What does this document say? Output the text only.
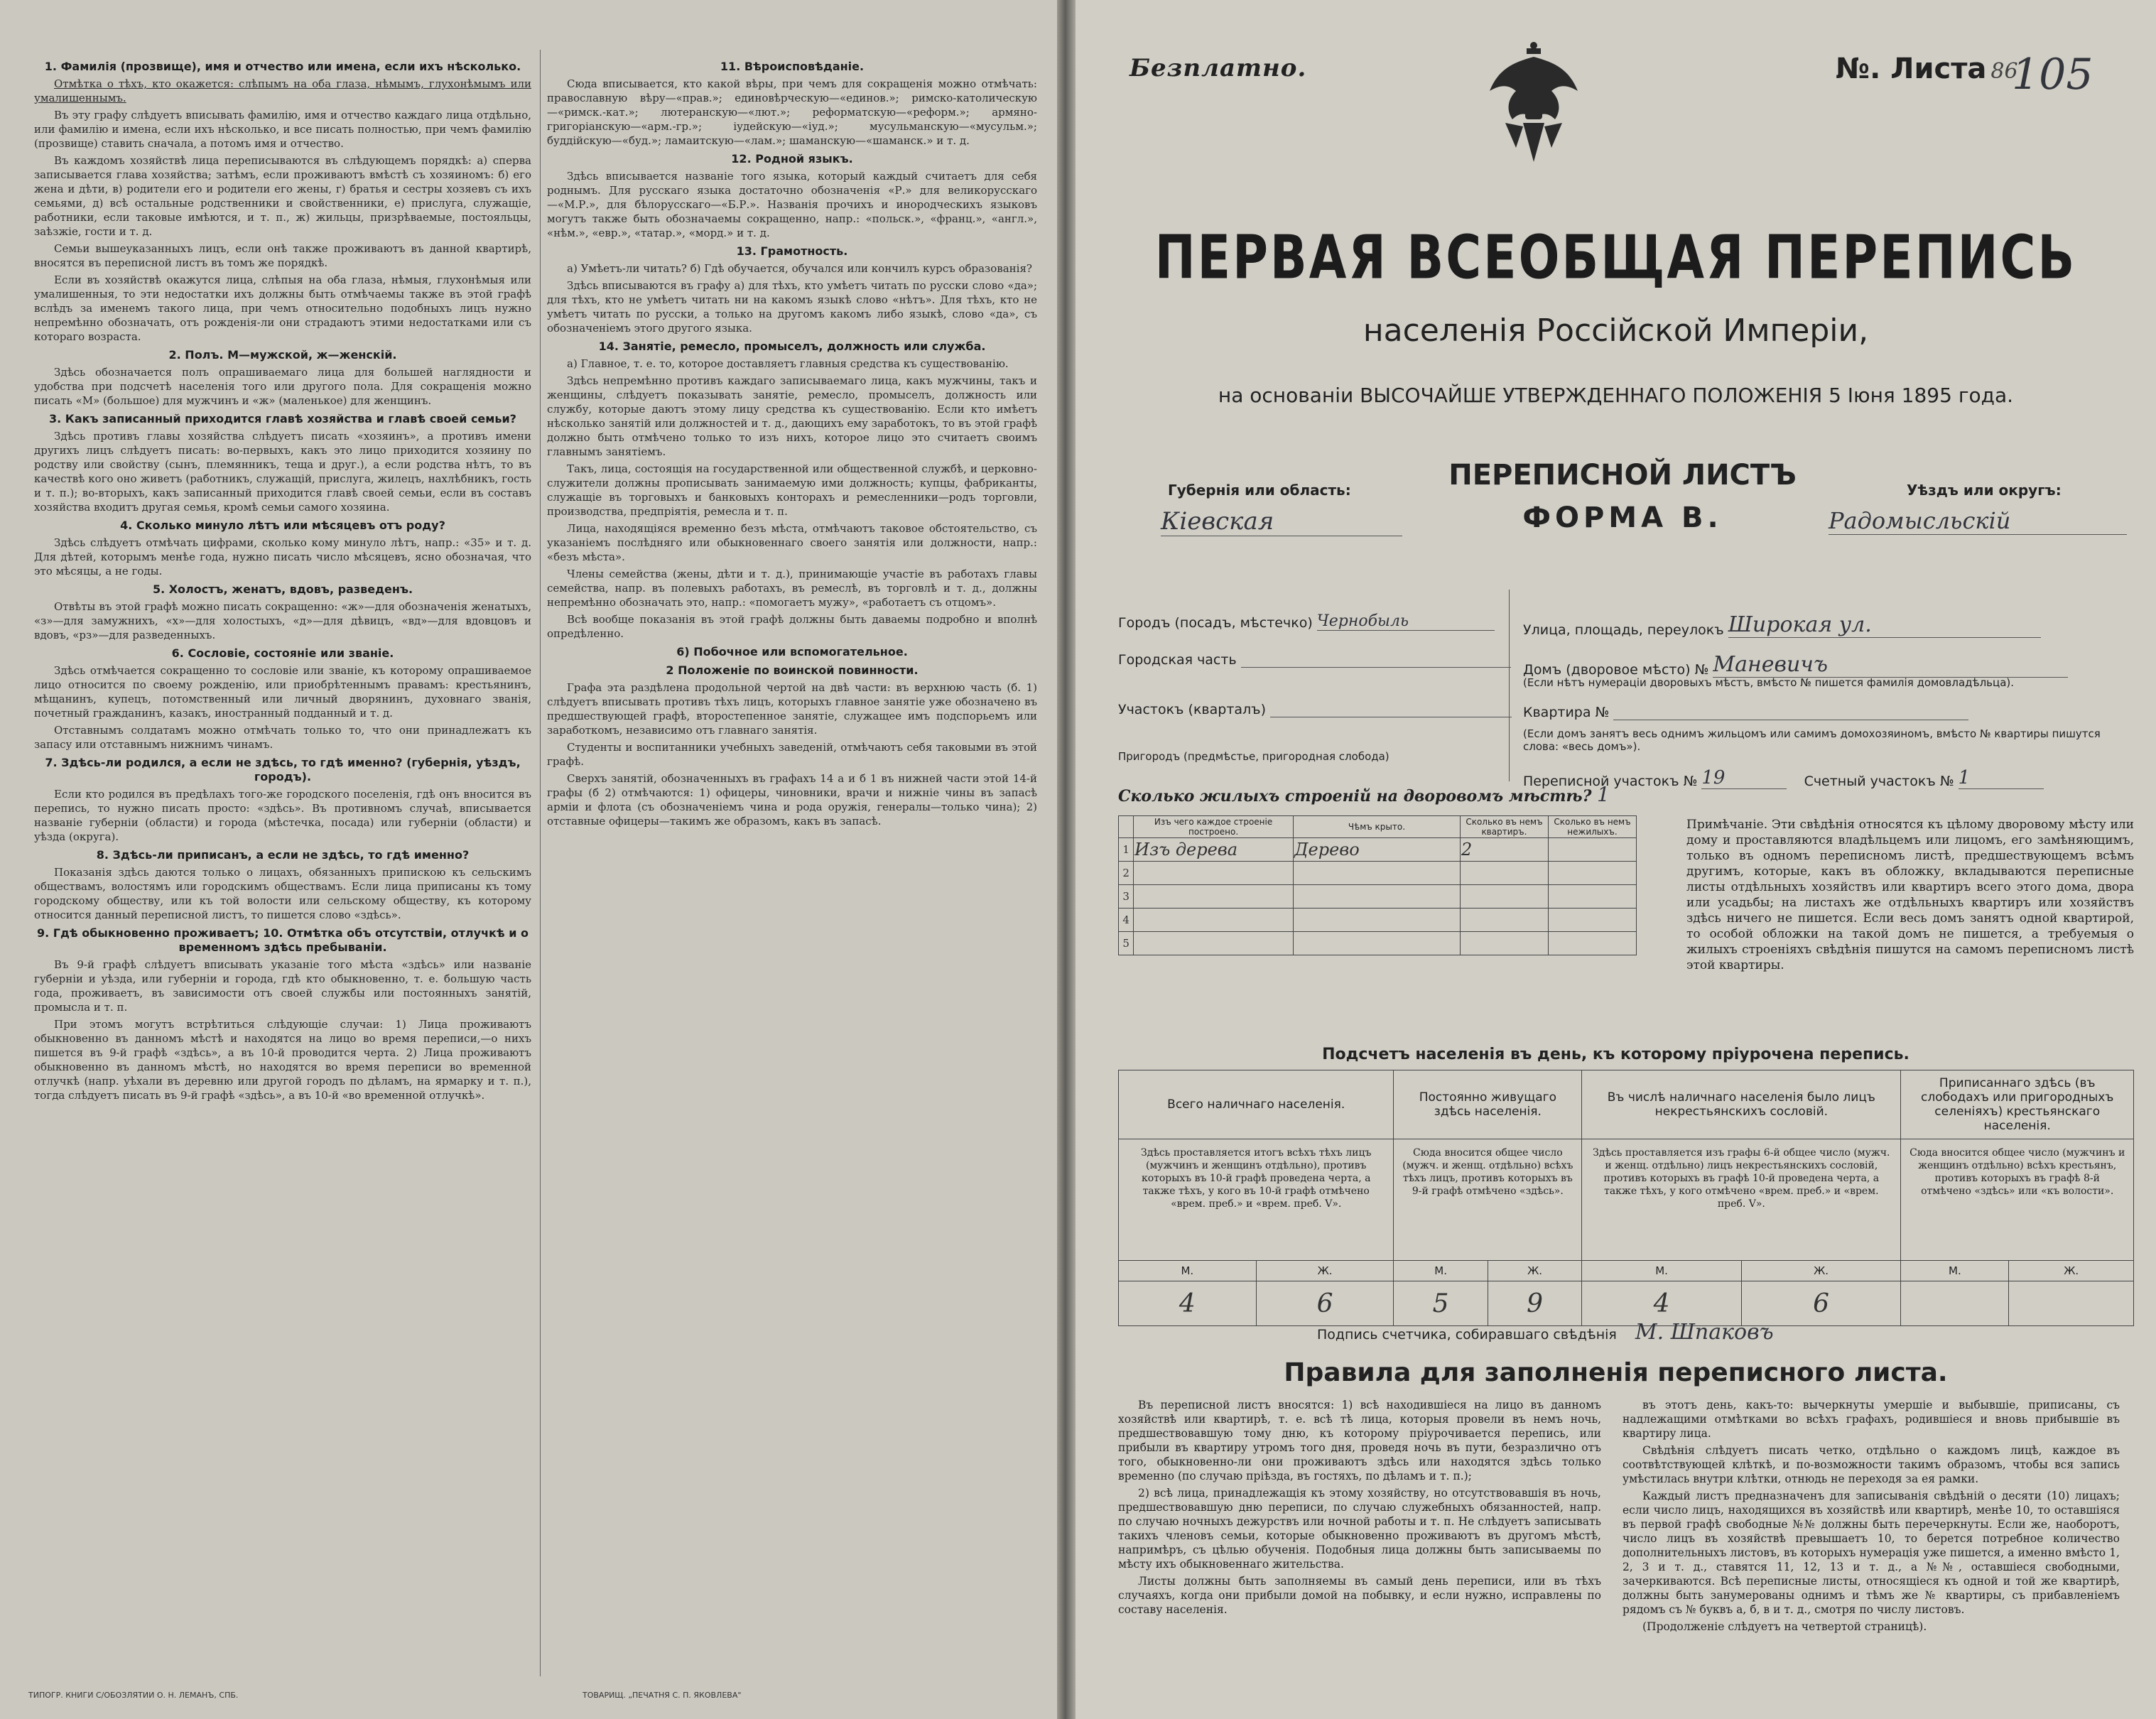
1. Фамилія (прозвище), имя и отчество или имена, если ихъ нѣсколько.

Отмѣтка о тѣхъ, кто окажется: слѣпымъ на оба глаза, нѣмымъ, глухонѣмымъ или умалишеннымъ.

Въ эту графу слѣдуетъ вписывать фамилію, имя и отчество каждаго лица отдѣльно, или фамилію и имена, если ихъ нѣсколько, и все писать полностью, при чемъ фамилію (прозвище) ставить сначала, а потомъ имя и отчество.

Въ каждомъ хозяйствѣ лица переписываются въ слѣдующемъ порядкѣ: а) сперва записывается глава хозяйства; затѣмъ, если проживаютъ вмѣстѣ съ хозяиномъ: б) его жена и дѣти, в) родители его и родители его жены, г) братья и сестры хозяевъ съ ихъ семьями, д) всѣ остальные родственники и свойственники, е) прислуга, служащіе, работники, если таковые имѣются, и т. п., ж) жильцы, призрѣваемые, постояльцы, заѣзжіе, гости и т. д.

Семьи вышеуказанныхъ лицъ, если онѣ также проживаютъ въ данной квартирѣ, вносятся въ переписной листъ въ томъ же порядкѣ.

Если въ хозяйствѣ окажутся лица, слѣпыя на оба глаза, нѣмыя, глухонѣмыя или умалишенныя, то эти недостатки ихъ должны быть отмѣчаемы также въ этой графѣ вслѣдъ за именемъ такого лица, при чемъ относительно подобныхъ лицъ нужно непремѣнно обозначать, отъ рожденія-ли они страдаютъ этими недостатками или съ котораго возраста.

2. Полъ. М—мужской, ж—женскій.

Здѣсь обозначается полъ опрашиваемаго лица для большей наглядности и удобства при подсчетѣ населенія того или другого пола. Для сокращенія можно писать «М» (большое) для мужчинъ и «ж» (маленькое) для женщинъ.

3. Какъ записанный приходится главѣ хозяйства и главѣ своей семьи?

Здѣсь противъ главы хозяйства слѣдуетъ писать «хозяинъ», а противъ имени другихъ лицъ слѣдуетъ писать: во-первыхъ, какъ это лицо приходится хозяину по родству или свойству (сынъ, племянникъ, теща и друг.), а если родства нѣтъ, то въ качествѣ кого оно живетъ (работникъ, служащій, прислуга, жилецъ, нахлѣбникъ, гость и т. п.); во-вторыхъ, какъ записанный приходится главѣ своей семьи, если въ составъ хозяйства входитъ другая семья, кромѣ семьи самого хозяина.

4. Сколько минуло лѣтъ или мѣсяцевъ отъ роду?

Здѣсь слѣдуетъ отмѣчать цифрами, сколько кому минуло лѣтъ, напр.: «35» и т. д. Для дѣтей, которымъ менѣе года, нужно писать число мѣсяцевъ, ясно обозначая, что это мѣсяцы, а не годы.

5. Холостъ, женатъ, вдовъ, разведенъ.

Отвѣты въ этой графѣ можно писать сокращенно: «ж»—для обозначенія женатыхъ, «з»—для замужнихъ, «х»—для холостыхъ, «д»—для дѣвицъ, «вд»—для вдовцовъ и вдовъ, «рз»—для разведенныхъ.

6. Сословіе, состояніе или званіе.

Здѣсь отмѣчается сокращенно то сословіе или званіе, къ которому опрашиваемое лицо относится по своему рожденію, или приобрѣтеннымъ правамъ: крестьянинъ, мѣщанинъ, купецъ, потомственный или личный дворянинъ, духовнаго званія, почетный гражданинъ, казакъ, иностранный подданный и т. д.

Отставнымъ солдатамъ можно отмѣчать только то, что они принадлежатъ къ запасу или отставнымъ нижнимъ чинамъ.

7. Здѣсь-ли родился, а если не здѣсь, то гдѣ именно? (губернія, уѣздъ, городъ).

Если кто родился въ предѣлахъ того-же городского поселенія, гдѣ онъ вносится въ перепись, то нужно писать просто: «здѣсь». Въ противномъ случаѣ, вписывается названіе губерніи (области) и города (мѣстечка, посада) или губерніи (области) и уѣзда (округа).

8. Здѣсь-ли приписанъ, а если не здѣсь, то гдѣ именно?

Показанія здѣсь даются только о лицахъ, обязанныхъ припискою къ сельскимъ обществамъ, волостямъ или городскимъ обществамъ. Если лица приписаны къ тому городскому обществу, или къ той волости или сельскому обществу, къ которому относится данный переписной листъ, то пишется слово «здѣсь».

9. Гдѣ обыкновенно проживаетъ; 10. Отмѣтка объ отсутствіи, отлучкѣ и о временномъ здѣсь пребываніи.

Въ 9-й графѣ слѣдуетъ вписывать указаніе того мѣста «здѣсь» или названіе губерніи и уѣзда, или губерніи и города, гдѣ кто обыкновенно, т. е. большую часть года, проживаетъ, въ зависимости отъ своей службы или постоянныхъ занятій, промысла и т. п.

При этомъ могутъ встрѣтиться слѣдующіе случаи: 1) Лица проживаютъ обыкновенно въ данномъ мѣстѣ и находятся на лицо во время переписи,—о нихъ пишется въ 9-й графѣ «здѣсь», а въ 10-й проводится черта. 2) Лица проживаютъ обыкновенно въ данномъ мѣстѣ, но находятся во время переписи во временной отлучкѣ (напр. уѣхали въ деревню или другой городъ по дѣламъ, на ярмарку и т. п.), тогда слѣдуетъ писать въ 9-й графѣ «здѣсь», а въ 10-й «во временной отлучкѣ».

11. Вѣроисповѣданіе.

Сюда вписывается, кто какой вѣры, при чемъ для сокращенія можно отмѣчать: православную вѣру—«прав.»; единовѣрческую—«единов.»; римско-католическую—«римск.-кат.»; лютеранскую—«лют.»; реформатскую—«реформ.»; армяно-григоріанскую—«арм.-гр.»; іудейскую—«іуд.»; мусульманскую—«мусульм.»; буддійскую—«буд.»; ламаитскую—«лам.»; шаманскую—«шаманск.» и т. д.

12. Родной языкъ.

Здѣсь вписывается названіе того языка, который каждый считаетъ для себя роднымъ. Для русскаго языка достаточно обозначенія «Р.» для великорусскаго—«М.Р.», для бѣлорусскаго—«Б.Р.». Названія прочихъ и инородческихъ языковъ могутъ также быть обозначаемы сокращенно, напр.: «польск.», «франц.», «англ.», «нѣм.», «евр.», «татар.», «морд.» и т. д.

13. Грамотность.

а) Умѣетъ-ли читать? б) Гдѣ обучается, обучался или кончилъ курсъ образованія?

Здѣсь вписываются въ графу а) для тѣхъ, кто умѣетъ читать по русски слово «да»; для тѣхъ, кто не умѣетъ читать ни на какомъ языкѣ слово «нѣтъ». Для тѣхъ, кто не умѣетъ читать по русски, а только на другомъ какомъ либо языкѣ, слово «да», съ обозначеніемъ этого другого языка.

14. Занятіе, ремесло, промыселъ, должность или служба.

а) Главное, т. е. то, которое доставляетъ главныя средства къ существованію.

Здѣсь непремѣнно противъ каждаго записываемаго лица, какъ мужчины, такъ и женщины, слѣдуетъ показывать занятіе, ремесло, промыселъ, должность или службу, которые даютъ этому лицу средства къ существованію. Если кто имѣетъ нѣсколько занятій или должностей и т. д., дающихъ ему заработокъ, то въ этой графѣ должно быть отмѣчено только то изъ нихъ, которое лицо это считаетъ своимъ главнымъ занятіемъ.

Такъ, лица, состоящія на государственной или общественной службѣ, и церковно-служители должны прописывать занимаемую ими должность; купцы, фабриканты, служащіе въ торговыхъ и банковыхъ конторахъ и ремесленники—родъ торговли, производства, предпріятія, ремесла и т. п.

Лица, находящіяся временно безъ мѣста, отмѣчаютъ таковое обстоятельство, съ указаніемъ послѣдняго или обыкновеннаго своего занятія или должности, напр.: «безъ мѣста».

Члены семейства (жены, дѣти и т. д.), принимающіе участіе въ работахъ главы семейства, напр. въ полевыхъ работахъ, въ ремеслѣ, въ торговлѣ и т. д., должны непремѣнно обозначать это, напр.: «помогаетъ мужу», «работаетъ съ отцомъ».

Всѣ вообще показанія въ этой графѣ должны быть даваемы подробно и вполнѣ опредѣленно.

6) Побочное или вспомогательное.
2 Положеніе по воинской повинности.

Графа эта раздѣлена продольной чертой на двѣ части: въ верхнюю часть (б. 1) слѣдуетъ вписывать противъ тѣхъ лицъ, которыхъ главное занятіе уже обозначено въ предшествующей графѣ, второстепенное занятіе, служащее имъ подспорьемъ или заработкомъ, независимо отъ главнаго занятія.

Студенты и воспитанники учебныхъ заведеній, отмѣчаютъ себя таковыми въ этой графѣ.

Сверхъ занятій, обозначенныхъ въ графахъ 14 а и б 1 въ нижней части этой 14-й графы (б 2) отмѣчаются: 1) офицеры, чиновники, врачи и нижніе чины въ запасѣ арміи и флота (съ обозначеніемъ чина и рода оружія, генералы—только чина); 2) отставные офицеры—такимъ же образомъ, какъ въ запасѣ.

ТИПОГР. КНИГИ С/ОБОЗЛЯТИИ О. Н. ЛЕМАНЪ, СПБ.	ТОВАРИЩ. „ПЕЧАТНЯ С. П. ЯКОВЛЕВА"
Безплатно.	№. Листа 86
105
ПЕРВАЯ ВСЕОБЩАЯ ПЕРЕПИСЬ
населенія Россійской Имперіи,
на основаніи ВЫСОЧАЙШЕ УТВЕРЖДЕННАГО ПОЛОЖЕНІЯ 5 Іюня 1895 года.
Губернія или область:
Кіевская
ПЕРЕПИСНОЙ ЛИСТЪ
ФОРМА В.
Уѣздъ или округъ:
Радомысльскій
Городъ (посадъ, мѣстечко) Чернобыль
Городская часть
Участокъ (кварталъ)
Пригородъ (предмѣстье, пригородная слобода)
Улица, площадь, переулокъ Широкая ул.
Домъ (дворовое мѣсто) № Маневичъ
(Если нѣтъ нумераціи дворовыхъ мѣстъ, вмѣсто № пишется фамилія домовладѣльца).
Квартира №
(Если домъ занятъ весь однимъ жильцомъ или самимъ домохозяиномъ, вмѣсто № квартиры пишутся слова: «весь домъ»).
Переписной участокъ № 19	Счетный участокъ № 1
Сколько жилыхъ строеній на дворовомъ мѣстѣ? 1
	Изъ чего каждое строеніе построено.	Чѣмъ крыто.	Сколько въ немъ квартиръ.	Сколько въ немъ нежилыхъ.
1	Изъ дерева	Дерево	2	
2				
3				
4				
5				
Примѣчаніе. Эти свѣдѣнія относятся къ цѣлому дворовому мѣсту или дому и проставляются владѣльцемъ или лицомъ, его замѣняющимъ, только въ одномъ переписномъ листѣ, предшествующемъ всѣмъ другимъ, которые, какъ въ обложку, вкладываются переписные листы отдѣльныхъ хозяйствъ или квартиръ всего этого дома, двора или усадьбы; на листахъ же отдѣльныхъ квартиръ или хозяйствъ здѣсь ничего не пишется. Если весь домъ занятъ одной квартирой, то особой обложки на такой домъ не пишется, а требуемыя о жилыхъ строеніяхъ свѣдѣнія пишутся на самомъ переписномъ листѣ этой квартиры.
Подсчетъ населенія въ день, къ которому пріурочена перепись.
Всего наличнаго населенія.		Постоянно живущаго здѣсь населенія.		Въ числѣ наличнаго населенія было лицъ некрестьянскихъ сословій.		Приписаннаго здѣсь (въ слободахъ или пригородныхъ селеніяхъ) крестьянскаго населенія.	
Здѣсь проставляется итогъ всѣхъ тѣхъ лицъ (мужчинъ и женщинъ отдѣльно), противъ которыхъ въ 10-й графѣ проведена черта, а также тѣхъ, у кого въ 10-й графѣ отмѣчено «врем. преб.» и «врем. преб. V».		Сюда вносится общее число (мужч. и женщ. отдѣльно) всѣхъ тѣхъ лицъ, противъ которыхъ въ 9-й графѣ отмѣчено «здѣсь».		Здѣсь проставляется изъ графы 6-й общее число (мужч. и женщ. отдѣльно) лицъ некрестьянскихъ сословій, противъ которыхъ въ графѣ 10-й проведена черта, а также тѣхъ, у кого отмѣчено «врем. преб.» и «врем. преб. V».		Сюда вносится общее число (мужчинъ и женщинъ отдѣльно) всѣхъ крестьянъ, противъ которыхъ въ графѣ 8-й отмѣчено «здѣсь» или «къ волости».	
М.	Ж.	М.	Ж.	М.	Ж.	М.	Ж.
4	6	5	9	4	6		
Подпись счетчика, собиравшаго свѣдѣнія М. Шпаковъ
Правила для заполненія переписного листа.

Въ переписной листъ вносятся: 1) всѣ находившіеся на лицо въ данномъ хозяйствѣ или квартирѣ, т. е. всѣ тѣ лица, которыя провели въ немъ ночь, предшествовавшую тому дню, къ которому пріурочивается перепись, или прибыли въ квартиру утромъ того дня, проведя ночь въ пути, безразлично отъ того, обыкновенно-ли они проживаютъ здѣсь или находятся здѣсь только временно (по случаю пріѣзда, въ гостяхъ, по дѣламъ и т. п.);

2) всѣ лица, принадлежащія къ этому хозяйству, но отсутствовавшія въ ночь, предшествовавшую дню переписи, по случаю служебныхъ обязанностей, напр. по случаю ночныхъ дежурствъ или ночной работы и т. п. Не слѣдуетъ записывать такихъ членовъ семьи, которые обыкновенно проживаютъ въ другомъ мѣстѣ, напримѣръ, съ цѣлью обученія. Подобныя лица должны быть записываемы по мѣсту ихъ обыкновеннаго жительства.

Листы должны быть заполняемы въ самый день переписи, или въ тѣхъ случаяхъ, когда они прибыли домой на побывку, и если нужно, исправлены по составу населенія.

въ этотъ день, какъ-то: вычеркнуты умершіе и выбывшіе, приписаны, съ надлежащими отмѣтками во всѣхъ графахъ, родившіеся и вновь прибывшіе въ квартиру лица.

Свѣдѣнія слѣдуетъ писать четко, отдѣльно о каждомъ лицѣ, каждое въ соотвѣтствующей клѣткѣ, и по-возможности такимъ образомъ, чтобы вся запись умѣстилась внутри клѣтки, отнюдь не переходя за ея рамки.

Каждый листъ предназначенъ для записыванія свѣдѣній о десяти (10) лицахъ; если число лицъ, находящихся въ хозяйствѣ или квартирѣ, менѣе 10, то оставшіяся въ первой графѣ свободные №№ должны быть перечеркнуты. Если же, наоборотъ, число лицъ въ хозяйствѣ превышаетъ 10, то берется потребное количество дополнительныхъ листовъ, въ которыхъ нумерація уже пишется, а именно вмѣсто 1, 2, 3 и т. д., ставятся 11, 12, 13 и т. д., а №№, оставшіеся свободными, зачеркиваются. Всѣ переписные листы, относящіеся къ одной и той же квартирѣ, должны быть занумерованы однимъ и тѣмъ же № квартиры, съ прибавленіемъ рядомъ съ № буквъ а, б, в и т. д., смотря по числу листовъ.

(Продолженіе слѣдуетъ на четвертой страницѣ).
